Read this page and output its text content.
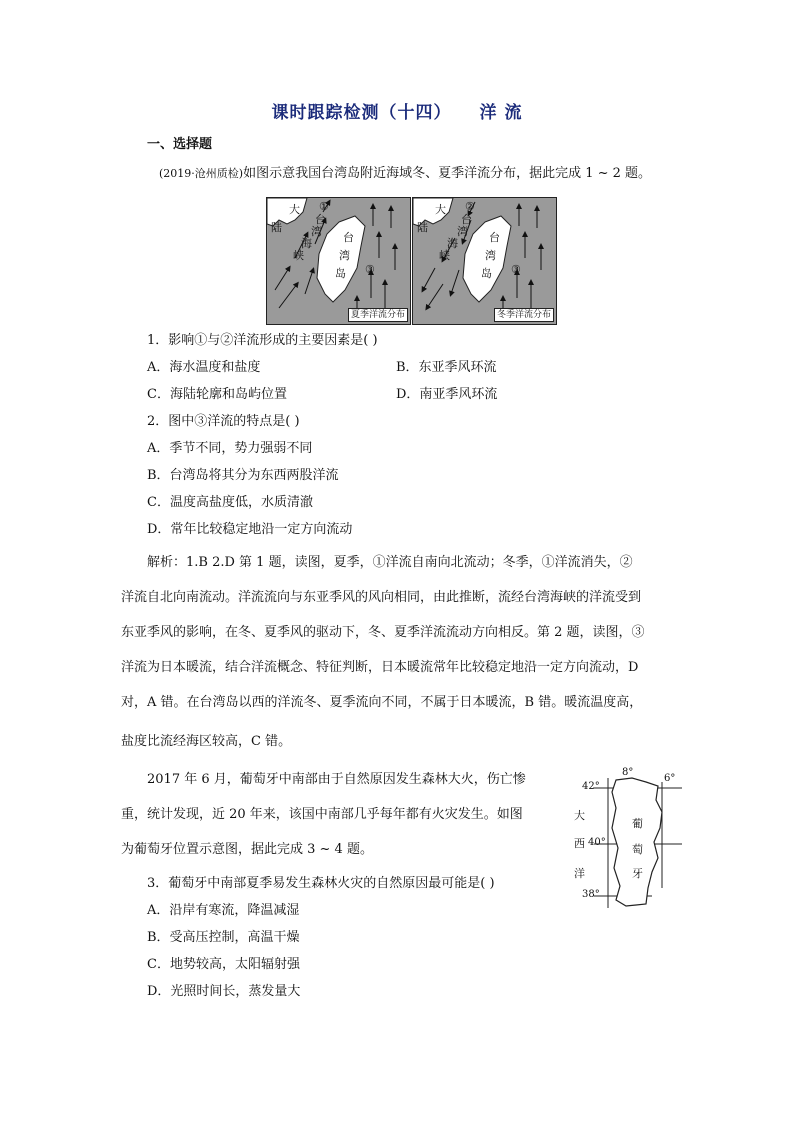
课时跟踪检测（十四） 洋 流
一、选择题
(2019·沧州质检)如图示意我国台湾岛附近海域冬、夏季洋流分布，据此完成 1 ~ 2 题。
大
陆
①
台
湾
海
峡
台
湾
岛 ③
夏季洋流分布
大
陆
②
台
湾
海
峡
台
湾
岛 ③
冬季洋流分布
1．影响①与②洋流形成的主要因素是( )
A．海水温度和盐度	B．东亚季风环流
C．海陆轮廓和岛屿位置	D．南亚季风环流
2．图中③洋流的特点是( )
A．季节不同，势力强弱不同
B．台湾岛将其分为东西两股洋流
C．温度高盐度低，水质清澈
D．常年比较稳定地沿一定方向流动
解析：1.B 2.D 第 1 题，读图，夏季，①洋流自南向北流动；冬季，①洋流消失，②
洋流自北向南流动。洋流流向与东亚季风的风向相同，由此推断，流经台湾海峡的洋流受到
东亚季风的影响，在冬、夏季风的驱动下，冬、夏季洋流流动方向相反。第 2 题，读图，③
洋流为日本暖流，结合洋流概念、特征判断，日本暖流常年比较稳定地沿一定方向流动，D
对，A 错。在台湾岛以西的洋流冬、夏季流向不同，不属于日本暖流，B 错。暖流温度高，
盐度比流经海区较高，C 错。
2017 年 6 月，葡萄牙中南部由于自然原因发生森林大火，伤亡惨
重，统计发现，近 20 年来，该国中南部几乎每年都有火灾发生。如图
为葡萄牙位置示意图，据此完成 3 ~ 4 题。
8°
6°
42°
40°
38°
大
西
洋
葡
萄
牙
3．葡萄牙中南部夏季易发生森林火灾的自然原因最可能是( )
A．沿岸有寒流，降温减湿
B．受高压控制，高温干燥
C．地势较高，太阳辐射强
D．光照时间长，蒸发量大
